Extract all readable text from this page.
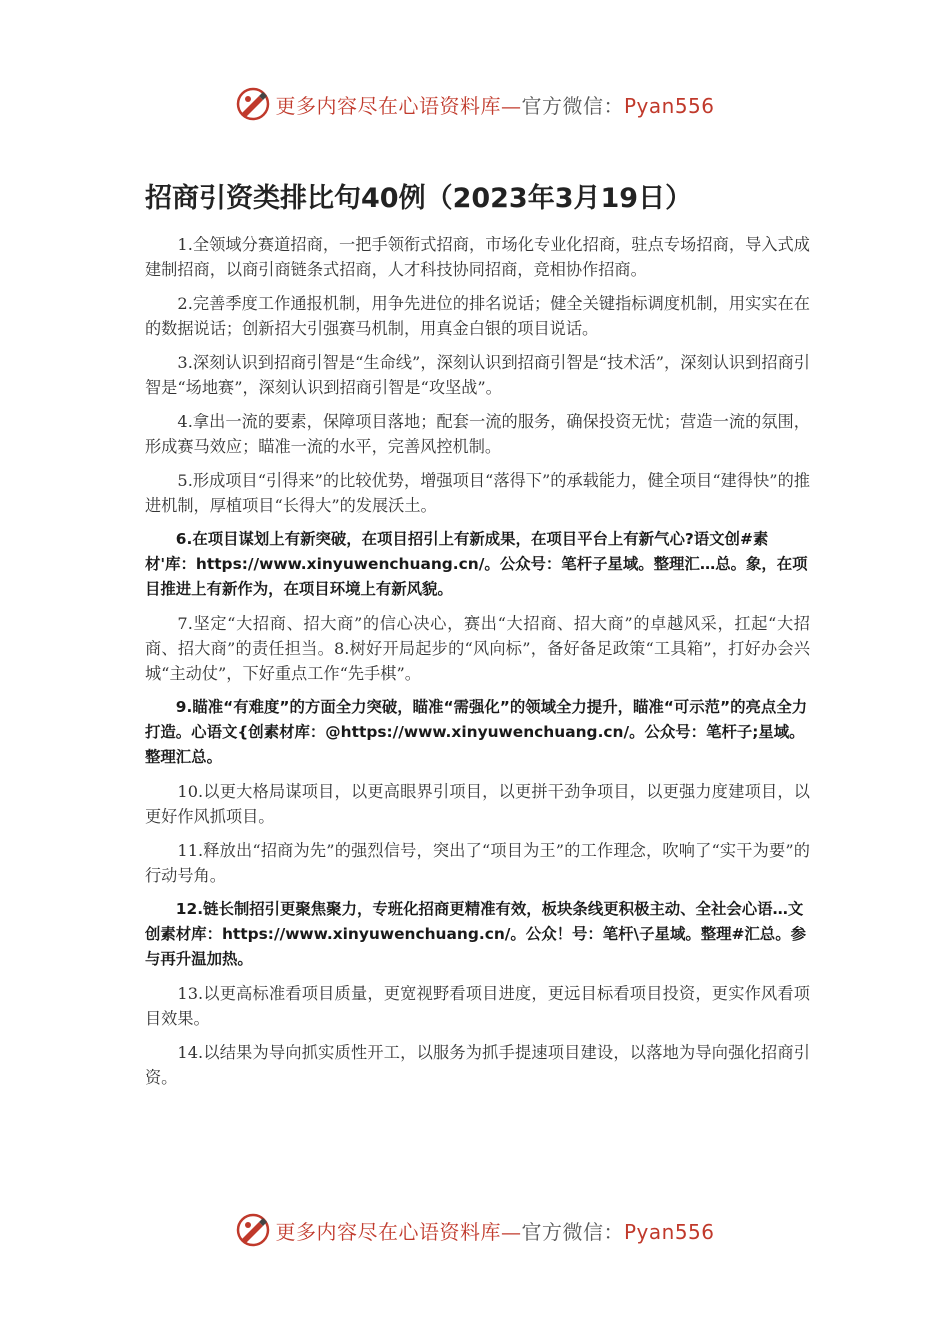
更多内容尽在心语资料库—官方微信：Pyan556
招商引资类排比句40例（2023年3月19日）

1.全领域分赛道招商，一把手领衔式招商，市场化专业化招商，驻点专场招商，导入式成建制招商，以商引商链条式招商，人才科技协同招商，竞相协作招商。

2.完善季度工作通报机制，用争先进位的排名说话；健全关键指标调度机制，用实实在在的数据说话；创新招大引强赛马机制，用真金白银的项目说话。

3.深刻认识到招商引智是“生命线”，深刻认识到招商引智是“技术活”，深刻认识到招商引智是“场地赛”，深刻认识到招商引智是“攻坚战”。

4.拿出一流的要素，保障项目落地；配套一流的服务，确保投资无忧；营造一流的氛围，形成赛马效应；瞄准一流的水平，完善风控机制。

5.形成项目“引得来”的比较优势，增强项目“落得下”的承载能力，健全项目“建得快”的推进机制，厚植项目“长得大”的发展沃土。

6.在项目谋划上有新突破，在项目招引上有新成果，在项目平台上有新气心?语文创#素材'库：https://www.xinyuwenchuang.cn/。公众号：笔杆子星域。整理汇…总。象，在项目推进上有新作为，在项目环境上有新风貌。

7.坚定“大招商、招大商”的信心决心，赛出“大招商、招大商”的卓越风采，扛起“大招商、招大商”的责任担当。8.树好开局起步的“风向标”，备好备足政策“工具箱”，打好办会兴城“主动仗”，下好重点工作“先手棋”。

9.瞄准“有难度”的方面全力突破，瞄准“需强化”的领域全力提升，瞄准“可示范”的亮点全力打造。心语文{创素材库：@https://www.xinyuwenchuang.cn/。公众号：笔杆子;星域。整理汇总。

10.以更大格局谋项目，以更高眼界引项目，以更拼干劲争项目，以更强力度建项目，以更好作风抓项目。

11.释放出“招商为先”的强烈信号，突出了“项目为王”的工作理念，吹响了“实干为要”的行动号角。

12.链长制招引更聚焦聚力，专班化招商更精准有效，板块条线更积极主动、全社会心语…文创素材库：https://www.xinyuwenchuang.cn/。公众！号：笔杆\子星域。整理#汇总。参与再升温加热。

13.以更高标准看项目质量，更宽视野看项目进度，更远目标看项目投资，更实作风看项目效果。

14.以结果为导向抓实质性开工，以服务为抓手提速项目建设，以落地为导向强化招商引资。

更多内容尽在心语资料库—官方微信：Pyan556
